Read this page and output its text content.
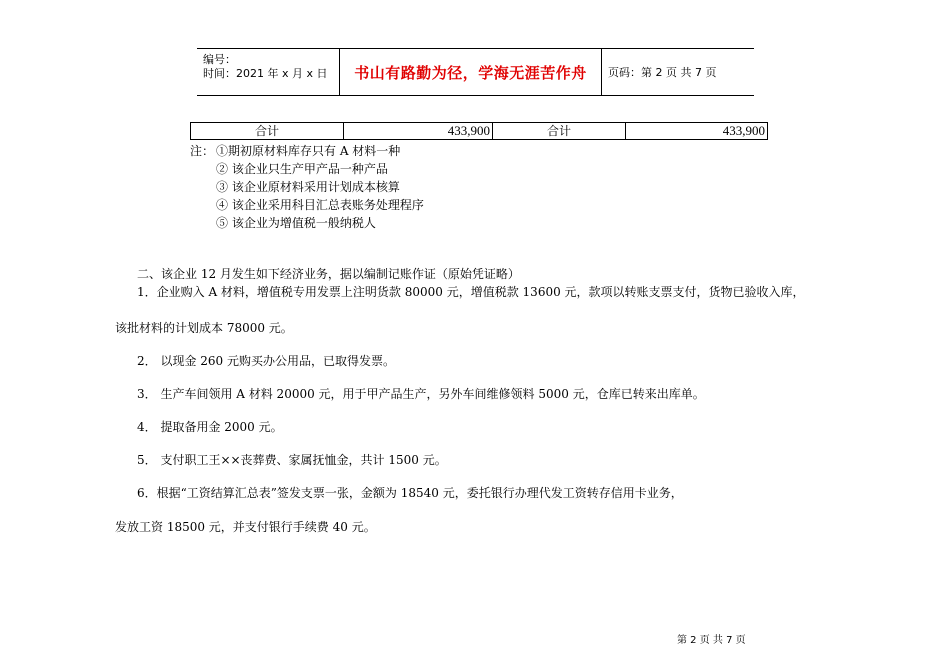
编号：
时间：2021 年 x 月 x 日	书山有路勤为径，学海无涯苦作舟	页码：第 2 页 共 7 页
合计	433,900	合计	433,900
注： ①期初原材料库存只有 A 材料一种
② 该企业只生产甲产品一种产品
③ 该企业原材料采用计划成本核算
④ 该企业采用科目汇总表账务处理程序
⑤ 该企业为增值税一般纳税人
二、该企业 12 月发生如下经济业务，据以编制记账作证（原始凭证略）
1．企业购入 A 材料，增值税专用发票上注明货款 80000 元，增值税款 13600 元，款项以转账支票支付，货物已验收入库，
该批材料的计划成本 78000 元。
2． 以现金 260 元购买办公用品，已取得发票。
3． 生产车间领用 A 材料 20000 元，用于甲产品生产，另外车间维修领料 5000 元，仓库已转来出库单。
4． 提取备用金 2000 元。
5． 支付职工王××丧葬费、家属抚恤金，共计 1500 元。
6．根据“工资结算汇总表”签发支票一张，金额为 18540 元，委托银行办理代发工资转存信用卡业务，
发放工资 18500 元，并支付银行手续费 40 元。
第 2 页 共 7 页
